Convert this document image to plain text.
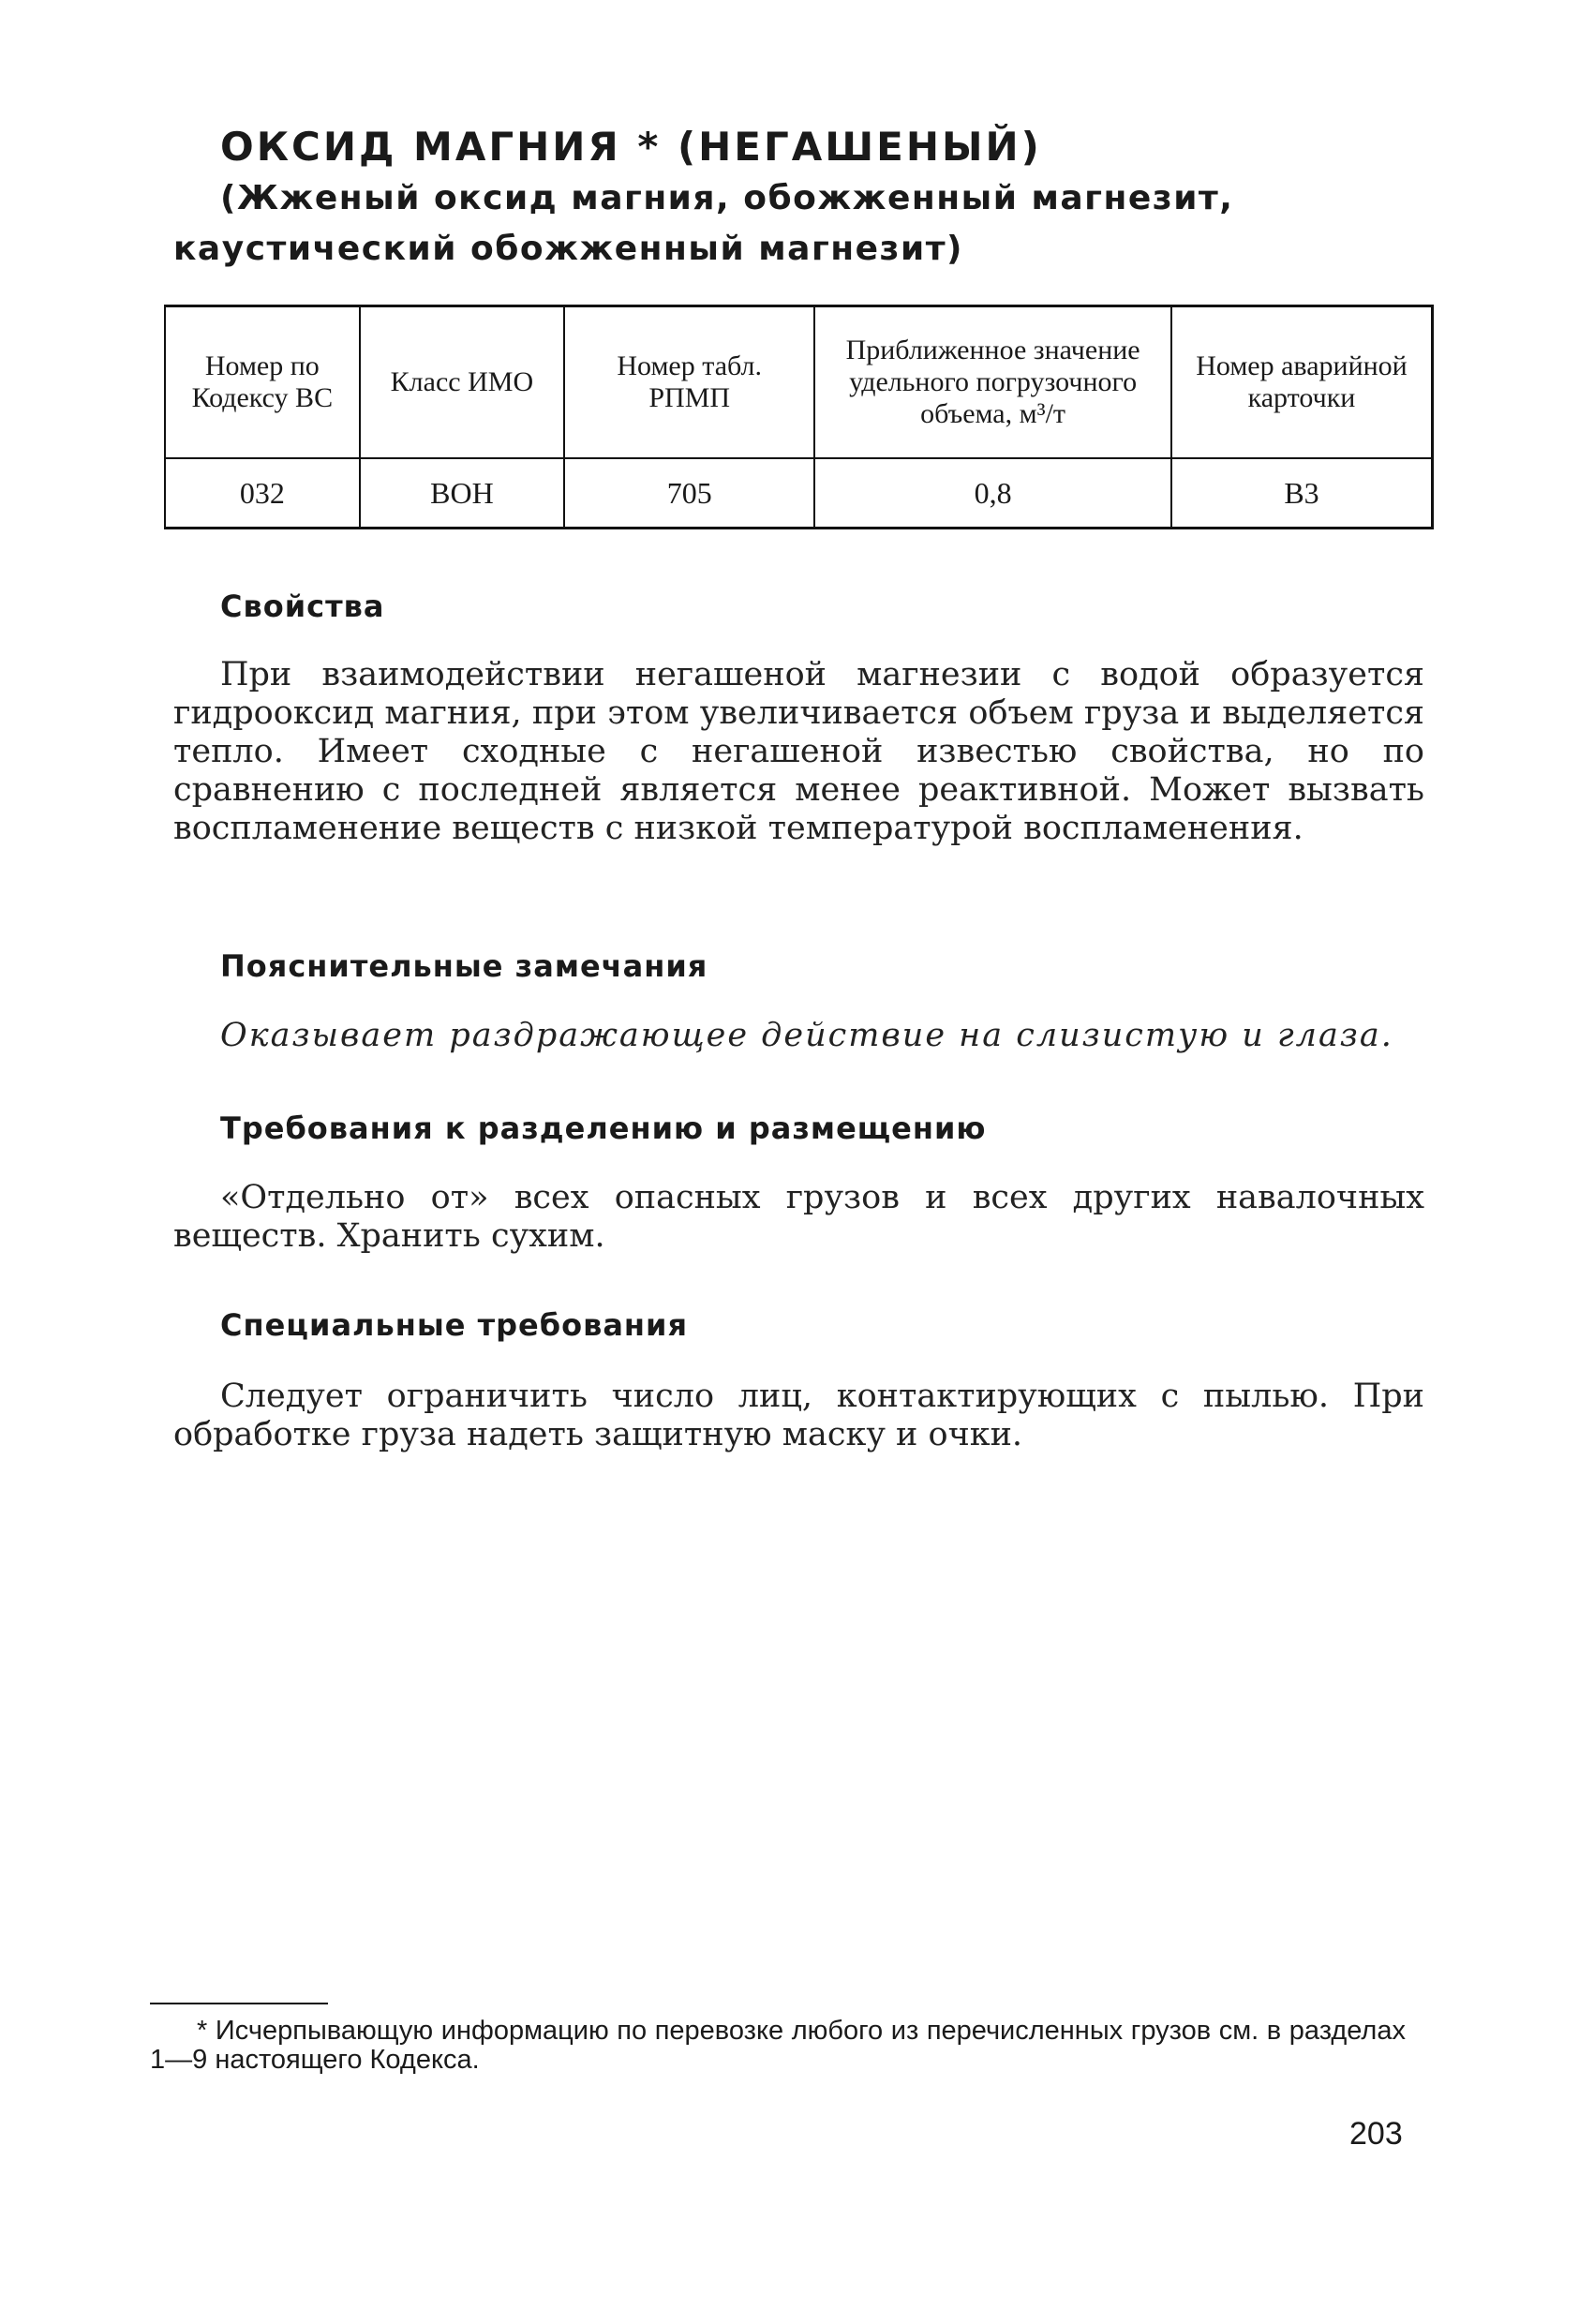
ОКСИД МАГНИЯ * (НЕГАШЕНЫЙ)

(Жженый оксид магния, обожженный магнезит, каустический обожженный магнезит)

Номер по Кодексу ВС	Класс ИМО	Номер табл. РПМП	Приближенное значение удельного погрузочного объема, м³/т	Номер аварийной карточки
032	ВОН	705	0,8	В3
Свойства

При взаимодействии негашеной магнезии с водой образуется гидрооксид магния, при этом увеличивается объем груза и выделяется тепло. Имеет сходные с негашеной известью свойства, но по сравнению с последней является менее реактивной. Может вызвать воспламенение веществ с низкой температурой воспламенения.

Пояснительные замечания

Оказывает раздражающее действие на слизистую и глаза.

Требования к разделению и размещению

«Отдельно от» всех опасных грузов и всех других навалочных веществ. Хранить сухим.

Специальные требования

Следует ограничить число лиц, контактирующих с пылью. При обработке груза надеть защитную маску и очки.

* Исчерпывающую информацию по перевозке любого из перечисленных грузов см. в разделах 1—9 настоящего Кодекса.

203
